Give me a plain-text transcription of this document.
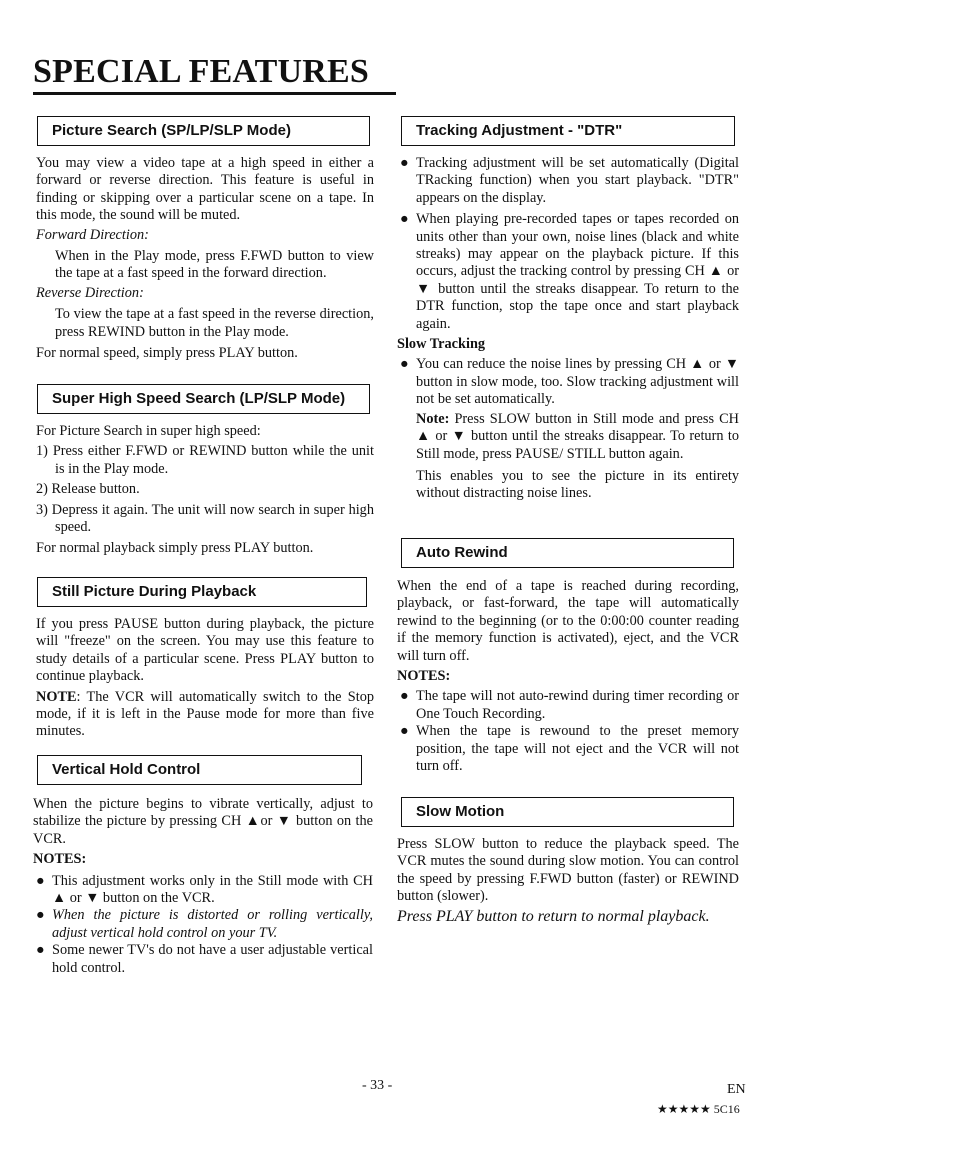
SPECIAL FEATURES
Picture Search (SP/LP/SLP Mode)

You may view a video tape at a high speed in either a forward or reverse direction. This feature is useful in finding or skipping over a particular scene on a tape. In this mode, the sound will be muted.

Forward Direction:

When in the Play mode, press F.FWD button to view the tape at a fast speed in the forward direction.

Reverse Direction:

To view the tape at a fast speed in the reverse direction, press REWIND button in the Play mode.

For normal speed, simply press PLAY button.

Super High Speed Search (LP/SLP Mode)

For Picture Search in super high speed:

1) Press either F.FWD or REWIND button while the unit is in the Play mode.

2) Release button.

3) Depress it again. The unit will now search in super high speed.

For normal playback simply press PLAY button.

Still Picture During Playback

If you press PAUSE button during playback, the picture will "freeze" on the screen. You may use this feature to study details of a particular scene. Press PLAY button to continue playback.

NOTE: The VCR will automatically switch to the Stop mode, if it is left in the Pause mode for more than five minutes.

Vertical Hold Control

When the picture begins to vibrate vertically, adjust to stabilize the picture by pressing CH ▲or ▼ button on the VCR.

NOTES:

● This adjustment works only in the Still mode with CH ▲ or ▼ button on the VCR.

● When the picture is distorted or rolling vertically, adjust vertical hold control on your TV.

● Some newer TV's do not have a user adjustable vertical hold control.

Tracking Adjustment - "DTR"

● Tracking adjustment will be set automatically (Digital TRacking function) when you start playback. "DTR" appears on the display.

● When playing pre-recorded tapes or tapes recorded on units other than your own, noise lines (black and white streaks) may appear on the playback picture. If this occurs, adjust the tracking control by pressing CH ▲ or ▼ button until the streaks disappear. To return to the DTR function, stop the tape once and start playback again.

Slow Tracking

● You can reduce the noise lines by pressing CH ▲ or ▼ button in slow mode, too. Slow tracking adjustment will not be set automatically.

Note: Press SLOW button in Still mode and press CH ▲ or ▼ button until the streaks disappear. To return to Still mode, press PAUSE/ STILL button again.

This enables you to see the picture in its entirety without distracting noise lines.

Auto Rewind

When the end of a tape is reached during recording, playback, or fast-forward, the tape will automatically rewind to the beginning (or to the 0:00:00 counter reading if the memory function is activated), eject, and the VCR will turn off.

NOTES:

● The tape will not auto-rewind during timer recording or One Touch Recording.

● When the tape is rewound to the preset memory position, the tape will not eject and the VCR will not turn off.

Slow Motion

Press SLOW button to reduce the playback speed. The VCR mutes the sound during slow motion. You can control the speed by pressing F.FWD button (faster) or REWIND button (slower).

Press PLAY button to return to normal playback.
- 33 -	EN
★★★★★ 5C16
